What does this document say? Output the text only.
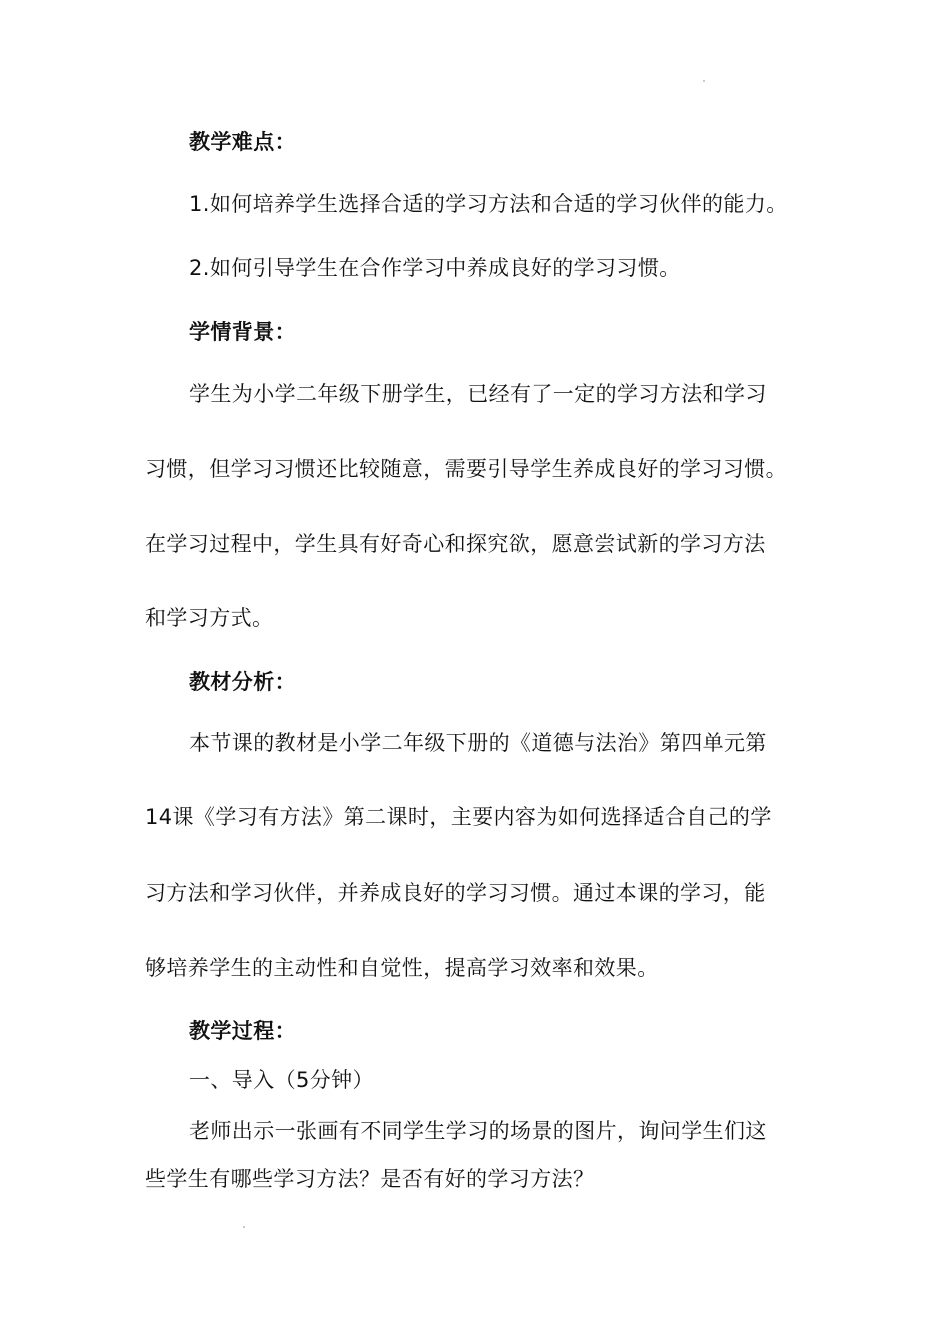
教学难点：
1.如何培养学生选择合适的学习方法和合适的学习伙伴的能力。
2.如何引导学生在合作学习中养成良好的学习习惯。
学情背景：
学生为小学二年级下册学生，已经有了一定的学习方法和学习
习惯，但学习习惯还比较随意，需要引导学生养成良好的学习习惯。
在学习过程中，学生具有好奇心和探究欲，愿意尝试新的学习方法
和学习方式。
教材分析：
本节课的教材是小学二年级下册的《道德与法治》第四单元第
14课《学习有方法》第二课时，主要内容为如何选择适合自己的学
习方法和学习伙伴，并养成良好的学习习惯。通过本课的学习，能
够培养学生的主动性和自觉性，提高学习效率和效果。
教学过程：
一、导入（5分钟）
老师出示一张画有不同学生学习的场景的图片，询问学生们这
些学生有哪些学习方法？是否有好的学习方法？
